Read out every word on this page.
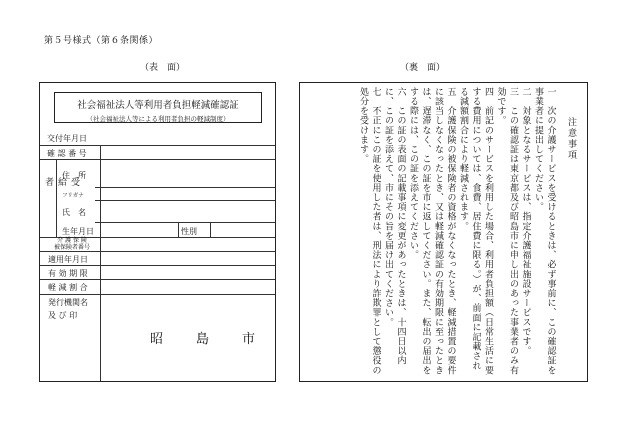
第５号様式（第６条関係）
（表　面）	（裏　面）
社会福祉法人等利用者負担軽減確認証
（社会福祉法人等による利用者負担の軽減制度）
交付年月日
確 認 番 号
受給者
住　所
フリガナ
氏　名
生年月日	性別
介 護 保 険
被保険者番号
適用年月日
有 効 期 限
軽 減 割 合
発行機関名
及 び 印
昭　島　市
注意事項

一　次の介護サービスを受けるときは、必ず事前に、この確認証を事業者に提出してください。

二　対象となるサービスは、指定介護福祉施設サービスです。

三　この確認証は東京都及び昭島市に申し出のあった事業者のみ有効です。

四　前記のサービスを利用した場合、利用者負担額（日常生活に要する費用については、食費、居住費に限る。）が、前面に記載される減額割合により軽減されます。

五　介護保険の被保険者の資格がなくなったとき、軽減措置の要件に該当しなくなったとき、又は軽減確認証の有効期限に至ったときは、遅滞なく、この証を市に返してください。また、転出の届出をする際には、この証を添えてください。

六　この証の表面の記載事項に変更があったときは、十四日以内に、この証を添えて、市にその旨を届け出てください。

七　不正にこの証を使用した者は、刑法により詐欺罪として懲役の処分を受けます。
